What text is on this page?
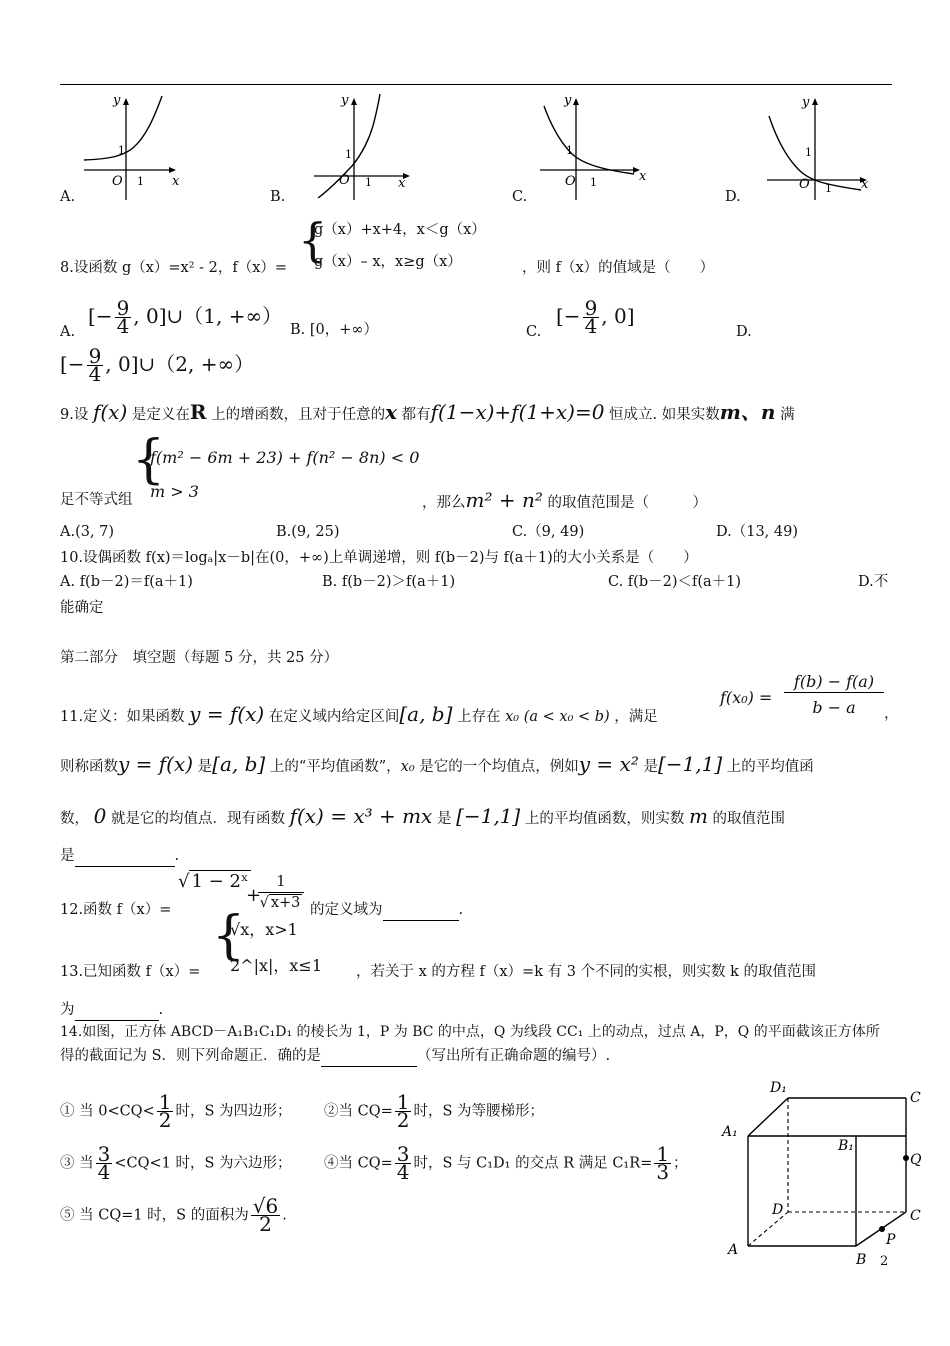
y
1
O 1 x
A.
y
1
O 1 x
B.
y
1
O 1	x
C.
y
1
O 1 x
D.
8.设函数 g（x）=x² - 2，f（x）=
{
g（x）+x+4，x＜g（x）
g（x）– x，x≥g（x）	，则 f（x）的值域是（　　）
A.
[− $\frac{9}{4}$ , 0]∪（1, +∞）
B. [0，+∞）	C.
[− $\frac{9}{4}$ , 0]
D.
[− $\frac{9}{4}$ , 0]∪（2, +∞）
9.设 f(x) 是定义在R 上的增函数，且对于任意的x 都有f(1−x)+f(1+x)=0 恒成立. 如果实数m、n 满
{
f(m² − 6m + 23) + f(n² − 8n) < 0
m > 3
足不等式组	，那么m² + n² 的取值范围是（　　　）
A.(3, 7)	B.(9, 25)	C.（9, 49)	D.（13, 49)
10.设偶函数 f(x)＝logₐ|x－b|在(0，+∞)上单调递增，则 f(b－2)与 f(a＋1)的大小关系是（　　）
A. f(b－2)＝f(a＋1)	B. f(b－2)＞f(a＋1)	C. f(b－2)＜f(a＋1)	D.不
能确定
第二部分　填空题（每题 5 分，共 25 分）
11.定义：如果函数 y = f(x) 在定义域内给定区间[a, b] 上存在 x₀ (a < x₀ < b) ，满足
f(x₀) =
f(b) − f(a)
b − a	，
则称函数y = f(x) 是[a, b] 上的“平均值函数”，x₀ 是它的一个均值点，例如y = x² 是[−1,1] 上的平均值函
数， 0 就是它的均值点．现有函数 f(x) = x³ + mx 是 [−1,1] 上的平均值函数，则实数 m 的取值范围
是	.
12.函数 f（x）=
√ 1 − 2ˣ
+
1
√ x+3 的定义域为	.
{
√x，x>1
2^|x|，x≤1
13.已知函数 f（x）=	，若关于 x 的方程 f（x）=k 有 3 个不同的实根，则实数 k 的取值范围
为	.
14.如图，正方体 ABCD－A₁B₁C₁D₁ 的棱长为 1，P 为 BC 的中点，Q 为线段 CC₁ 上的动点，过点 A，P，Q 的平面截该正方体所
得的截面记为 S．则下列命题正．确的是	（写出所有正确命题的编号）.
① 当 $0<CQ< \frac{1}{2}$ 时，S 为四边形； ②当 $CQ= \frac{1}{2}$ 时，S 为等腰梯形；
③ 当 $\frac{3}{4} <CQ<1$ 时，S 为六边形； ④当 $CQ= \frac{3}{4}$ 时，S 与 C₁D₁ 的交点 R 满足 $C_1R= \frac{1}{3}$ ；
⑤ 当 CQ=1 时，S 的面积为 $\frac{√6}{2}$ .
D₁
C
A₁
B₁
Q
D	C
A
B
P
2
